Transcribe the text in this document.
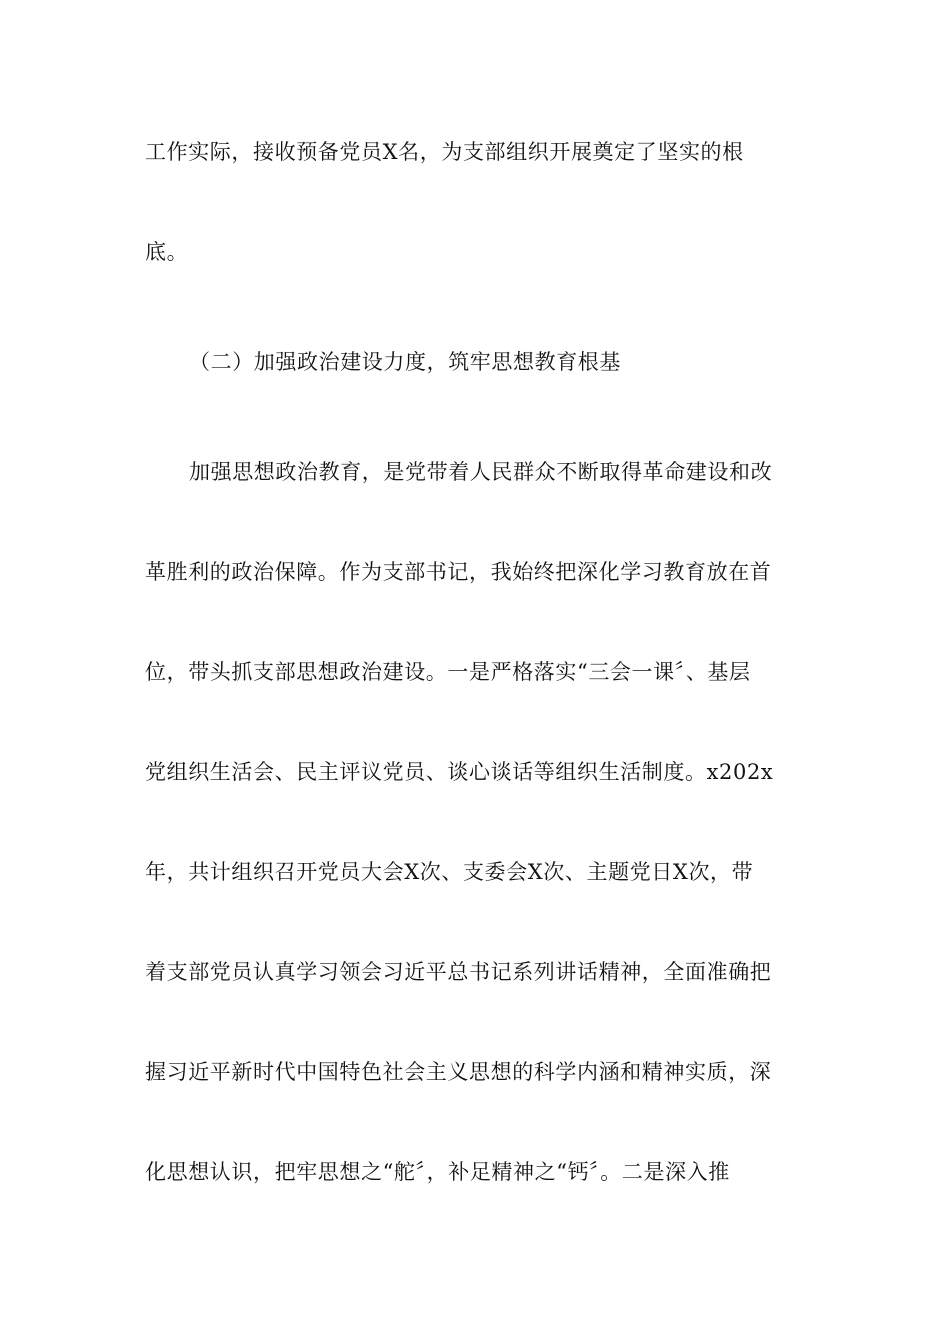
工作实际，接收预备党员X名，为支部组织开展奠定了坚实的根
底。
（二）加强政治建设力度，筑牢思想教育根基
加强思想政治教育，是党带着人民群众不断取得革命建设和改
革胜利的政治保障。作为支部书记，我始终把深化学习教育放在首
位，带头抓支部思想政治建设。一是严格落实“三会一课〞、基层
党组织生活会、民主评议党员、谈心谈话等组织生活制度。x202x
年，共计组织召开党员大会X次、支委会X次、主题党日X次，带
着支部党员认真学习领会习近平总书记系列讲话精神，全面准确把
握习近平新时代中国特色社会主义思想的科学内涵和精神实质，深
化思想认识，把牢思想之“舵〞，补足精神之“钙〞。二是深入推
